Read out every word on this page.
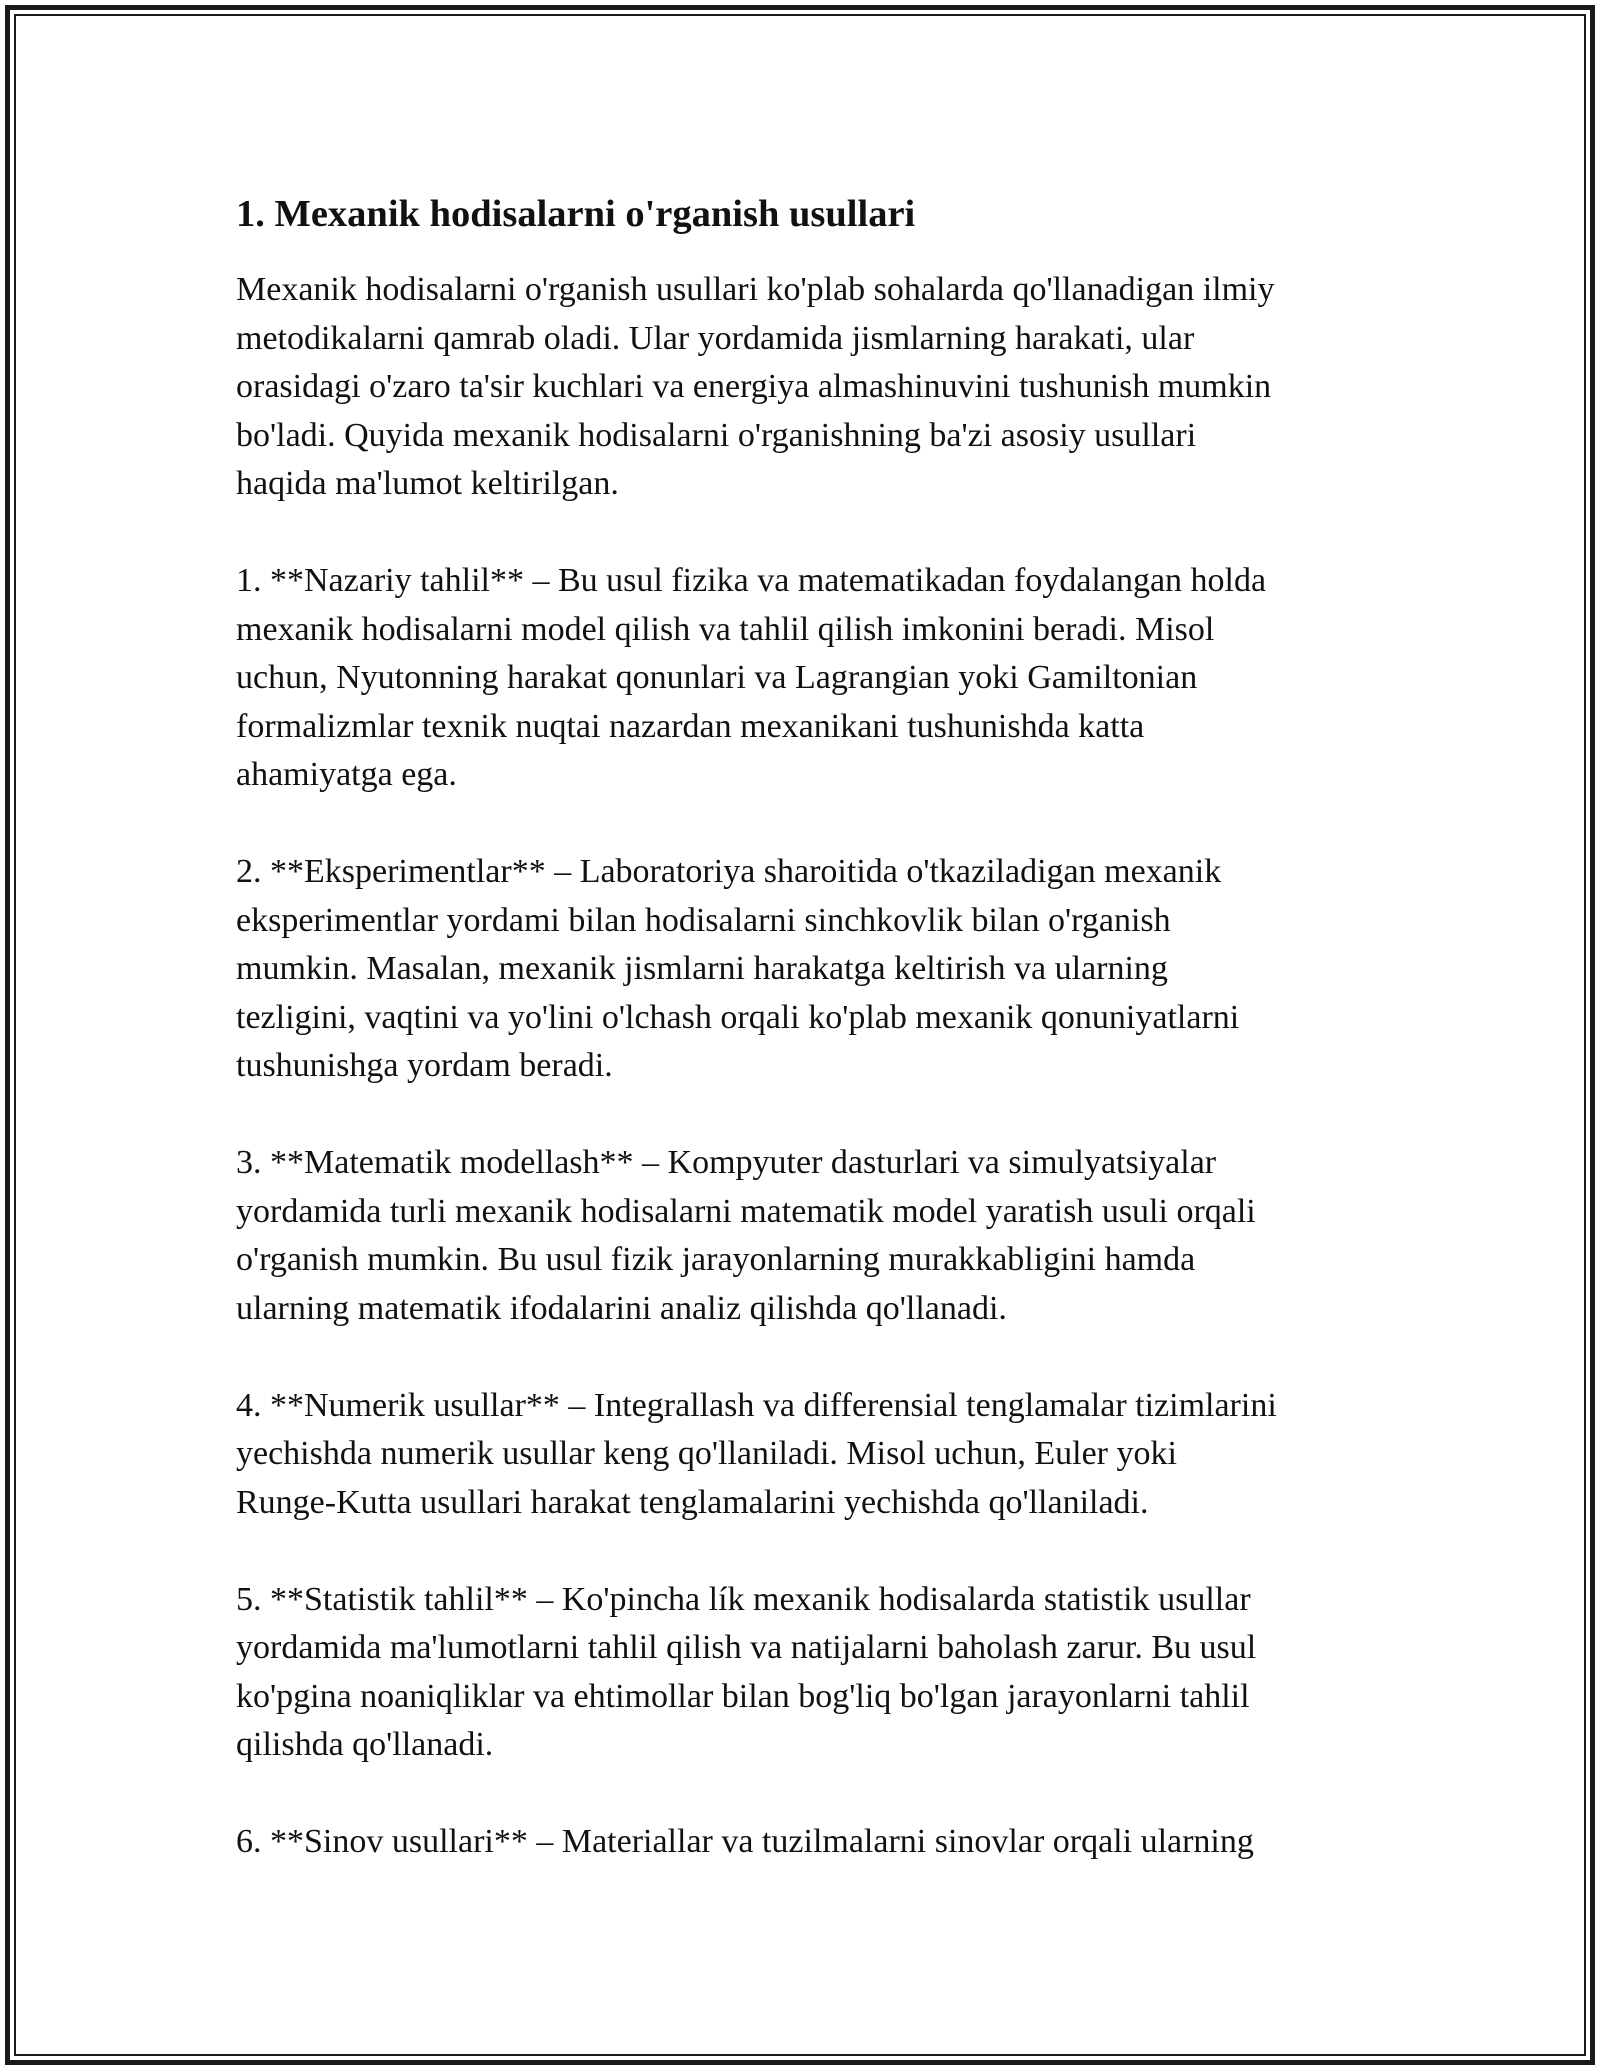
1. Mexanik hodisalarni o'rganish usullari
Mexanik hodisalarni o'rganish usullari ko'plab sohalarda qo'llanadigan ilmiy
metodikalarni qamrab oladi. Ular yordamida jismlarning harakati, ular
orasidagi o'zaro ta'sir kuchlari va energiya almashinuvini tushunish mumkin
bo'ladi. Quyida mexanik hodisalarni o'rganishning ba'zi asosiy usullari
haqida ma'lumot keltirilgan.
1. **Nazariy tahlil** – Bu usul fizika va matematikadan foydalangan holda
mexanik hodisalarni model qilish va tahlil qilish imkonini beradi. Misol
uchun, Nyutonning harakat qonunlari va Lagrangian yoki Gamiltonian
formalizmlar texnik nuqtai nazardan mexanikani tushunishda katta
ahamiyatga ega.
2. **Eksperimentlar** – Laboratoriya sharoitida o'tkaziladigan mexanik
eksperimentlar yordami bilan hodisalarni sinchkovlik bilan o'rganish
mumkin. Masalan, mexanik jismlarni harakatga keltirish va ularning
tezligini, vaqtini va yo'lini o'lchash orqali ko'plab mexanik qonuniyatlarni
tushunishga yordam beradi.
3. **Matematik modellash** – Kompyuter dasturlari va simulyatsiyalar
yordamida turli mexanik hodisalarni matematik model yaratish usuli orqali
o'rganish mumkin. Bu usul fizik jarayonlarning murakkabligini hamda
ularning matematik ifodalarini analiz qilishda qo'llanadi.
4. **Numerik usullar** – Integrallash va differensial tenglamalar tizimlarini
yechishda numerik usullar keng qo'llaniladi. Misol uchun, Euler yoki
Runge-Kutta usullari harakat tenglamalarini yechishda qo'llaniladi.
5. **Statistik tahlil** – Ko'pincha lík mexanik hodisalarda statistik usullar
yordamida ma'lumotlarni tahlil qilish va natijalarni baholash zarur. Bu usul
ko'pgina noaniqliklar va ehtimollar bilan bog'liq bo'lgan jarayonlarni tahlil
qilishda qo'llanadi.
6. **Sinov usullari** – Materiallar va tuzilmalarni sinovlar orqali ularning
